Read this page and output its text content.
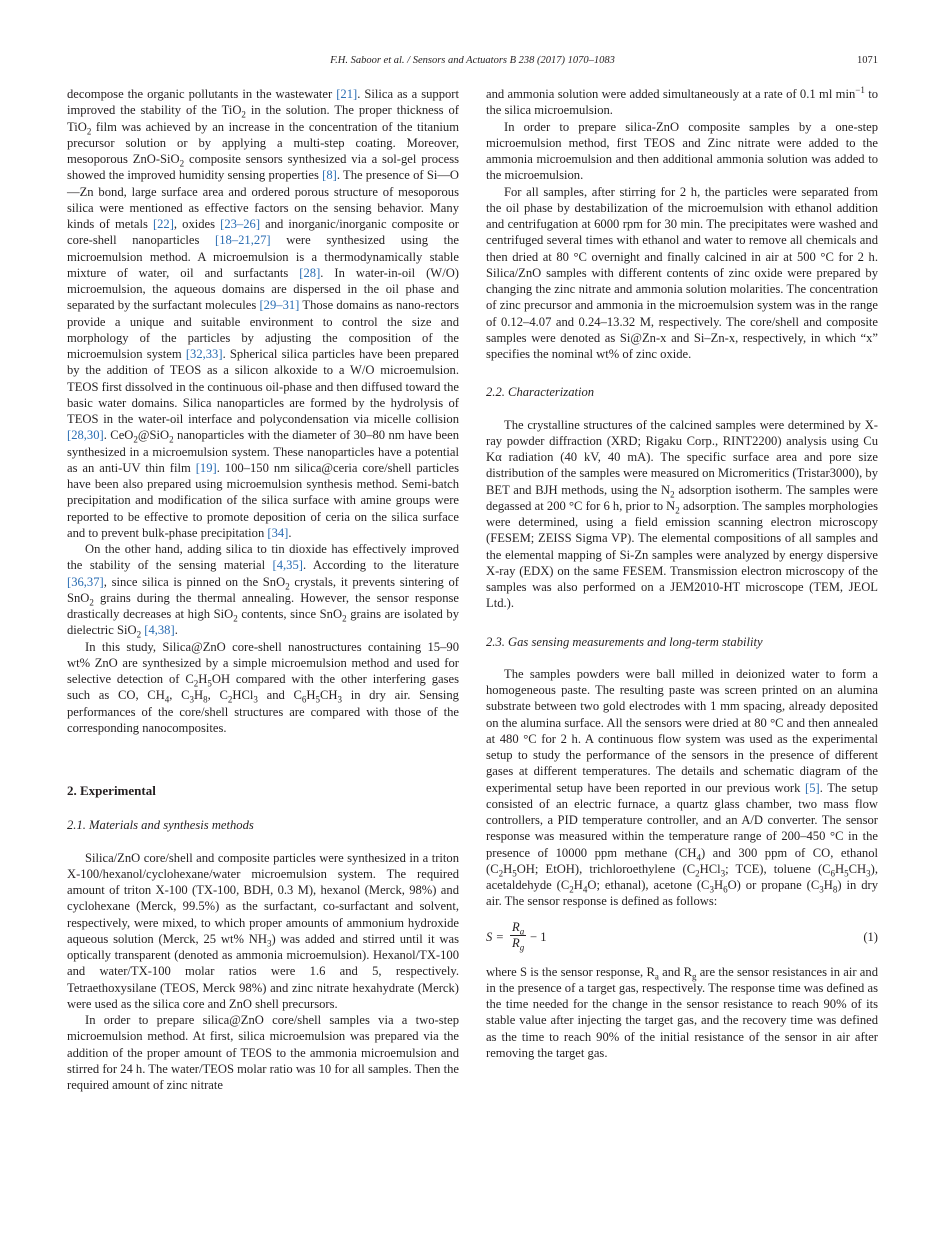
F.H. Saboor et al. / Sensors and Actuators B 238 (2017) 1070–1083	1071

decompose the organic pollutants in the wastewater [21]. Silica as a support improved the stability of the TiO$_2$ in the solution. The proper thickness of TiO$_2$ film was achieved by an increase in the concentration of the titanium precursor solution or by applying a multi-step coating. Moreover, mesoporous ZnO-SiO$_2$ composite sensors synthesized via a sol-gel process showed the improved humidity sensing properties [8]. The presence of Si—O—Zn bond, large surface area and ordered porous structure of mesoporous silica were mentioned as effective factors on the sensing behavior. Many kinds of metals [22], oxides [23–26] and inorganic/inorganic composite or core-shell nanoparticles [18–21,27] were synthesized using the microemulsion method. A microemulsion is a thermodynamically stable mixture of water, oil and surfactants [28]. In water-in-oil (W/O) microemulsion, the aqueous domains are dispersed in the oil phase and separated by the surfactant molecules [29–31] Those domains as nano-rectors provide a unique and suitable environment to control the size and morphology of the particles by adjusting the composition of the microemulsion system [32,33]. Spherical silica particles have been prepared by the addition of TEOS as a silicon alkoxide to a W/O microemulsion. TEOS first dissolved in the continuous oil-phase and then diffused toward the basic water domains. Silica nanoparticles are formed by the hydrolysis of TEOS in the water-oil interface and polycondensation via micelle collision [28,30]. CeO$_2$@SiO$_2$ nanoparticles with the diameter of 30–80 nm have been synthesized in a microemulsion system. These nanoparticles have a potential as an anti-UV thin film [19]. 100–150 nm silica@ceria core/shell particles have been also prepared using microemulsion synthesis method. Semi-batch precipitation and modification of the silica surface with amine groups were reported to be effective to promote deposition of ceria on the silica surface and to prevent bulk-phase precipitation [34].

On the other hand, adding silica to tin dioxide has effectively improved the stability of the sensing material [4,35]. According to the literature [36,37], since silica is pinned on the SnO$_2$ crystals, it prevents sintering of SnO$_2$ grains during the thermal annealing. However, the sensor response drastically decreases at high SiO$_2$ contents, since SnO$_2$ grains are isolated by dielectric SiO$_2$ [4,38].

In this study, Silica@ZnO core-shell nanostructures containing 15–90 wt% ZnO are synthesized by a simple microemulsion method and used for selective detection of $C_2H_5OH$ compared with the other interfering gases such as CO, $CH_4$, $C_3H_8$, $C_2HCl_3$ and $C_6H_5CH_3$ in dry air. Sensing performances of the core/shell structures are compared with those of the corresponding nanocomposites.

2. Experimental
2.1. Materials and synthesis methods

Silica/ZnO core/shell and composite particles were synthesized in a triton X-100/hexanol/cyclohexane/water microemulsion system. The required amount of triton X-100 (TX-100, BDH, 0.3 M), hexanol (Merck, 98%) and cyclohexane (Merck, 99.5%) as the surfactant, co-surfactant and solvent, respectively, were mixed, to which proper amounts of ammonium hydroxide aqueous solution (Merck, 25 wt% $NH_3$) was added and stirred until it was optically transparent (denoted as ammonia microemulsion). Hexanol/TX-100 and water/TX-100 molar ratios were 1.6 and 5, respectively. Tetraethoxysilane (TEOS, Merck 98%) and zinc nitrate hexahydrate (Merck) were used as the silica core and ZnO shell precursors.

In order to prepare silica@ZnO core/shell samples via a two-step microemulsion method. At first, silica microemulsion was prepared via the addition of the proper amount of TEOS to the ammonia microemulsion and stirred for 24 h. The water/TEOS molar ratio was 10 for all samples. Then the required amount of zinc nitrate

and ammonia solution were added simultaneously at a rate of 0.1 ml $\min^{-1}$ to the silica microemulsion.

In order to prepare silica-ZnO composite samples by a one-step microemulsion method, first TEOS and Zinc nitrate were added to the ammonia microemulsion and then additional ammonia solution was added to the microemulsion.

For all samples, after stirring for 2 h, the particles were separated from the oil phase by destabilization of the microemulsion with ethanol addition and centrifugation at 6000 rpm for 30 min. The precipitates were washed and centrifuged several times with ethanol and water to remove all chemicals and then dried at 80 °C overnight and finally calcined in air at 500 °C for 2 h. Silica/ZnO samples with different contents of zinc oxide were prepared by changing the zinc nitrate and ammonia solution molarities. The concentration of zinc precursor and ammonia in the microemulsion system was in the range of 0.12–4.07 and 0.24–13.32 M, respectively. The core/shell and composite samples were denoted as Si@Zn-x and Si–Zn-x, respectively, in which “x” specifies the nominal wt% of zinc oxide.

2.2. Characterization

The crystalline structures of the calcined samples were determined by X-ray powder diffraction (XRD; Rigaku Corp., RINT2200) analysis using Cu Kα radiation (40 kV, 40 mA). The specific surface area and pore size distribution of the samples were measured on Micromeritics (Tristar3000), by BET and BJH methods, using the $N_2$ adsorption isotherm. The samples were degassed at 200 °C for 6 h, prior to $N_2$ adsorption. The samples morphologies were determined, using a field emission scanning electron microscopy (FESEM; ZEISS Sigma VP). The elemental compositions of all samples and the elemental mapping of Si-Zn samples were analyzed by energy dispersive X-ray (EDX) on the same FESEM. Transmission electron microscopy of the samples was also performed on a JEM2010-HT microscope (TEM, JEOL Ltd.).

2.3. Gas sensing measurements and long-term stability

The samples powders were ball milled in deionized water to form a homogeneous paste. The resulting paste was screen printed on an alumina substrate between two gold electrodes with 1 mm spacing, already deposited on the alumina surface. All the sensors were dried at 80 °C and then annealed at 480 °C for 2 h. A continuous flow system was used as the experimental setup to study the performance of the sensors in the presence of different gases at different temperatures. The details and schematic diagram of the experimental setup have been reported in our previous work [5]. The setup consisted of an electric furnace, a quartz glass chamber, two mass flow controllers, a PID temperature controller, and an A/D converter. The sensor response was measured within the temperature range of 200–450 °C in the presence of 10000 ppm methane $(CH_4)$ and 300 ppm of CO, ethanol ($C_2H_5OH$; EtOH), trichloroethylene ($C_2HCl_3$; TCE), toluene $(C_6H_5CH_3)$, acetaldehyde ($C_2H_4O$; ethanal), acetone $(C_3H_6O)$ or propane $(C_3H_8)$ in dry air. The sensor response is defined as follows:

$S = \frac{R_a}{R_g} - 1$	(1)

where S is the sensor response, $R_a$ and $R_g$ are the sensor resistances in air and in the presence of a target gas, respectively. The response time was defined as the time needed for the change in the sensor resistance to reach 90% of its stable value after injecting the target gas, and the recovery time was defined as the time to reach 90% of the initial resistance of the sensor in air after removing the target gas.
